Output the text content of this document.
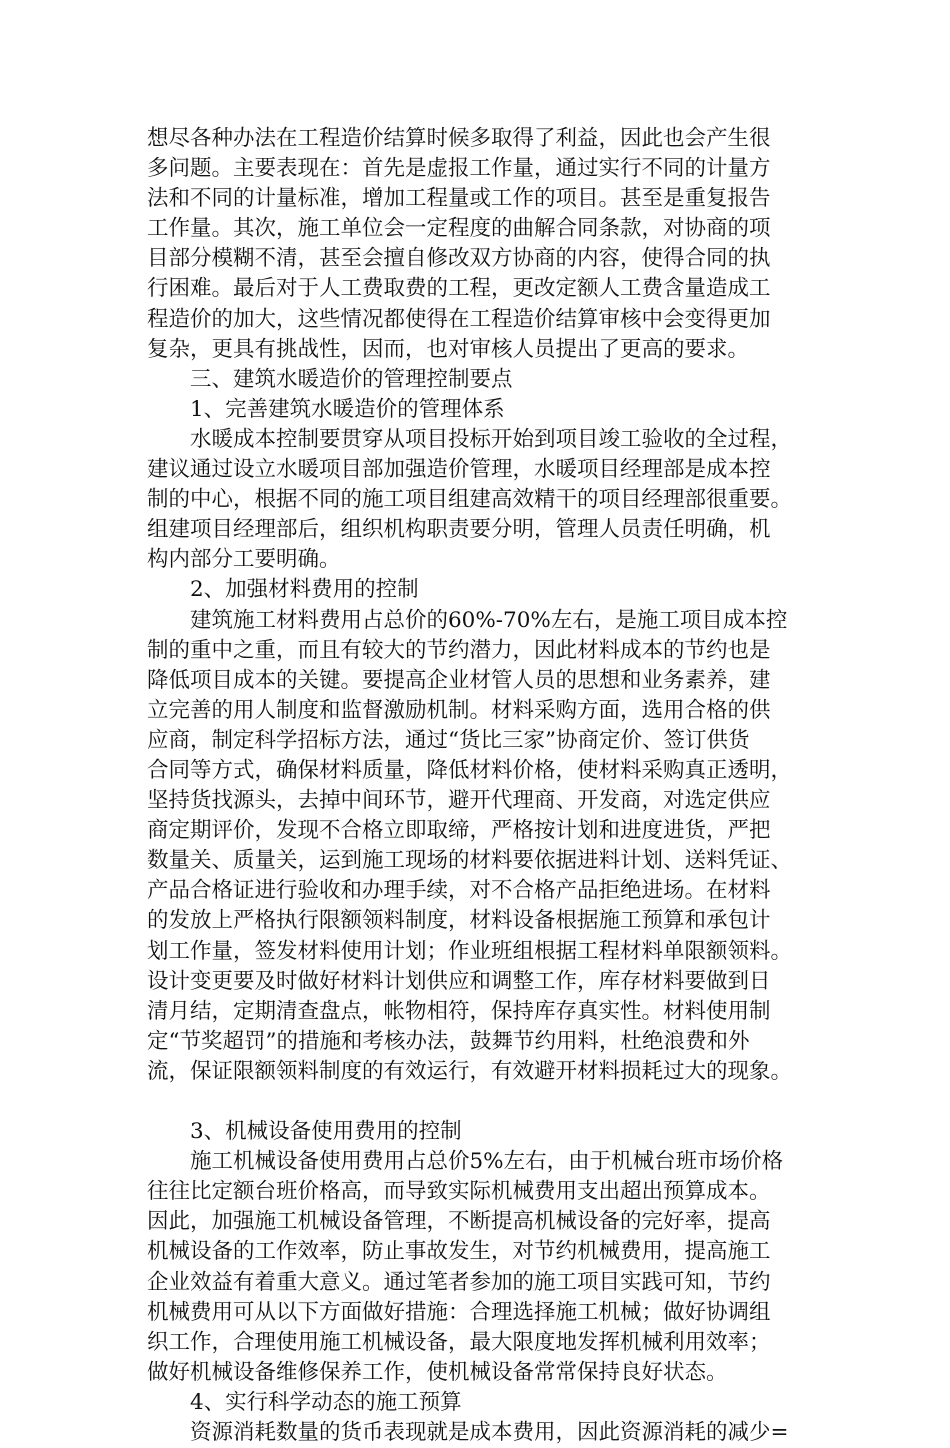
想尽各种办法在工程造价结算时候多取得了利益，因此也会产生很
多问题。主要表现在：首先是虚报工作量，通过实行不同的计量方
法和不同的计量标准，增加工程量或工作的项目。甚至是重复报告
工作量。其次，施工单位会一定程度的曲解合同条款，对协商的项
目部分模糊不清，甚至会擅自修改双方协商的内容，使得合同的执
行困难。最后对于人工费取费的工程，更改定额人工费含量造成工
程造价的加大，这些情况都使得在工程造价结算审核中会变得更加
复杂，更具有挑战性，因而，也对审核人员提出了更高的要求。
三、建筑水暖造价的管理控制要点
1、完善建筑水暖造价的管理体系
水暖成本控制要贯穿从项目投标开始到项目竣工验收的全过程，
建议通过设立水暖项目部加强造价管理，水暖项目经理部是成本控
制的中心，根据不同的施工项目组建高效精干的项目经理部很重要。
组建项目经理部后，组织机构职责要分明，管理人员责任明确，机
构内部分工要明确。
2、加强材料费用的控制
建筑施工材料费用占总价的60%-70%左右，是施工项目成本控
制的重中之重，而且有较大的节约潜力，因此材料成本的节约也是
降低项目成本的关键。要提高企业材管人员的思想和业务素养，建
立完善的用人制度和监督激励机制。材料采购方面，选用合格的供
应商，制定科学招标方法，通过“货比三家”协商定价、签订供货
合同等方式，确保材料质量，降低材料价格，使材料采购真正透明，
坚持货找源头，去掉中间环节，避开代理商、开发商，对选定供应
商定期评价，发现不合格立即取缔，严格按计划和进度进货，严把
数量关、质量关，运到施工现场的材料要依据进料计划、送料凭证、
产品合格证进行验收和办理手续，对不合格产品拒绝进场。在材料
的发放上严格执行限额领料制度，材料设备根据施工预算和承包计
划工作量，签发材料使用计划；作业班组根据工程材料单限额领料。
设计变更要及时做好材料计划供应和调整工作，库存材料要做到日
清月结，定期清查盘点，帐物相符，保持库存真实性。材料使用制
定“节奖超罚”的措施和考核办法，鼓舞节约用料，杜绝浪费和外
流，保证限额领料制度的有效运行，有效避开材料损耗过大的现象。
3、机械设备使用费用的控制
施工机械设备使用费用占总价5%左右，由于机械台班市场价格
往往比定额台班价格高，而导致实际机械费用支出超出预算成本。
因此，加强施工机械设备管理，不断提高机械设备的完好率，提高
机械设备的工作效率，防止事故发生，对节约机械费用，提高施工
企业效益有着重大意义。通过笔者参加的施工项目实践可知，节约
机械费用可从以下方面做好措施：合理选择施工机械；做好协调组
织工作，合理使用施工机械设备，最大限度地发挥机械利用效率；
做好机械设备维修保养工作，使机械设备常常保持良好状态。
4、实行科学动态的施工预算
资源消耗数量的货币表现就是成本费用，因此资源消耗的减少=
